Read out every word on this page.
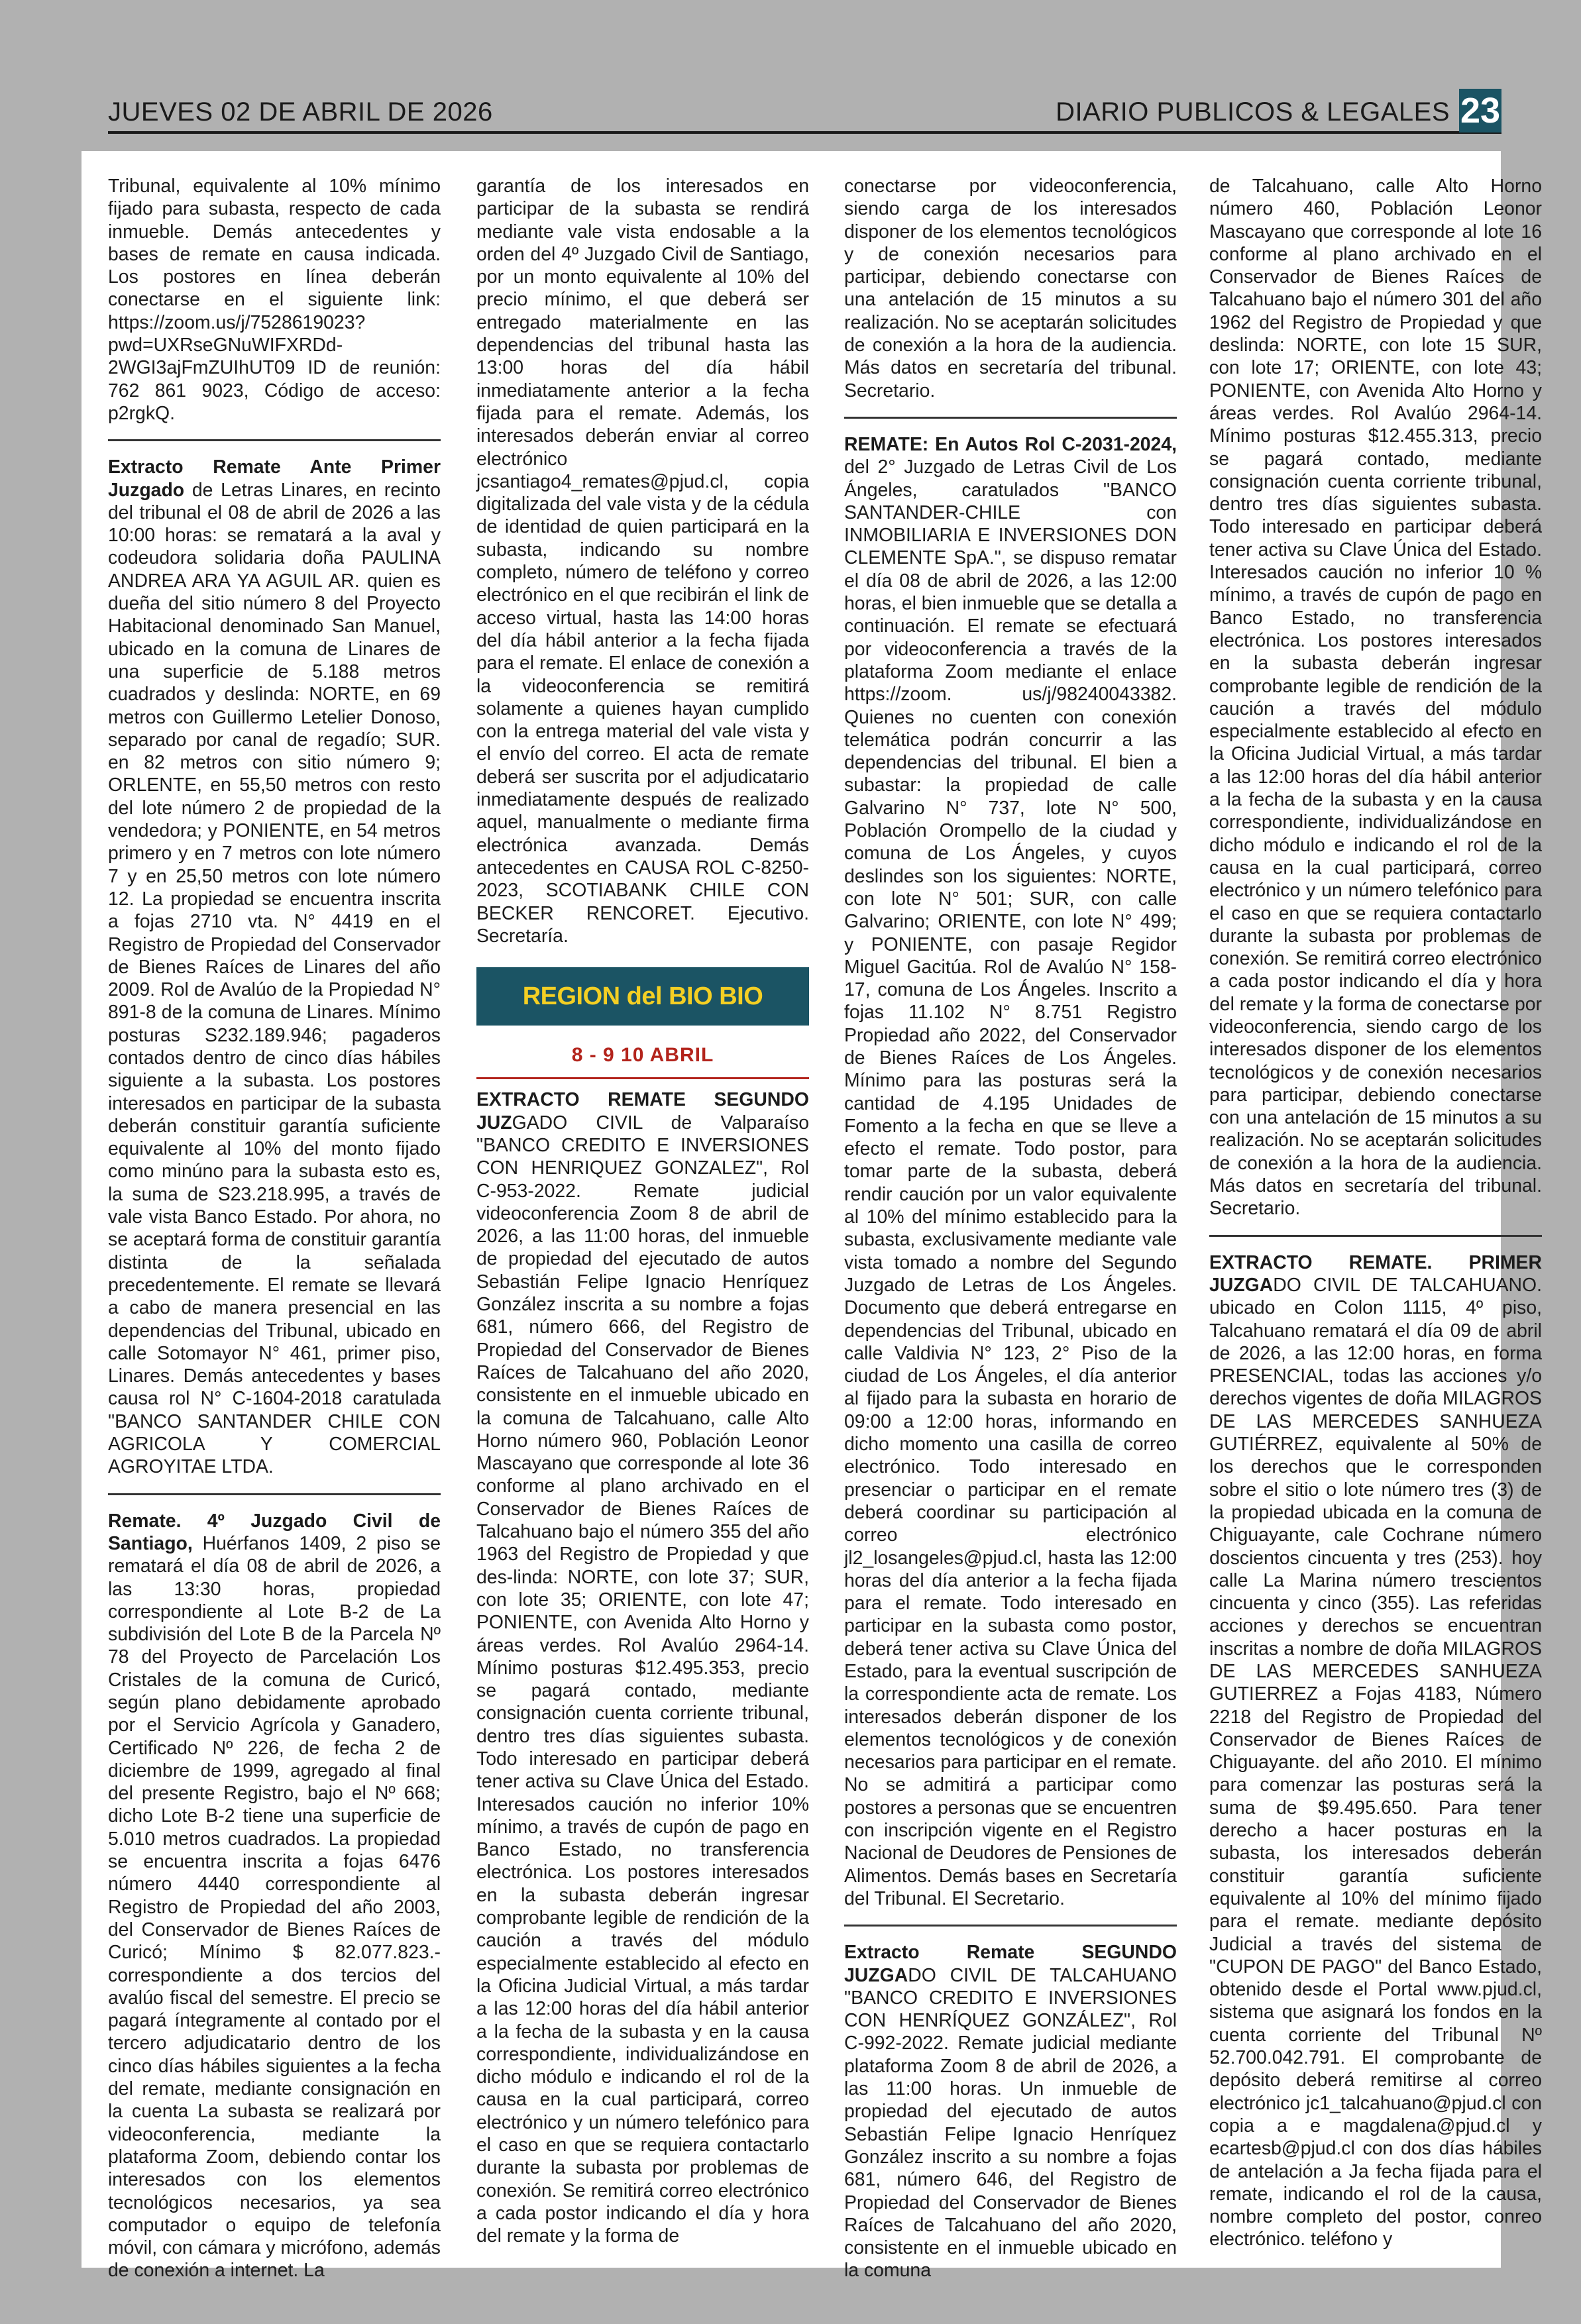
JUEVES 02 DE ABRIL DE 2026	DIARIO PUBLICOS & LEGALES 23

Tribunal, equivalente al 10% mínimo fijado para subasta, respecto de cada inmueble. Demás antecedentes y bases de remate en causa indicada. Los postores en línea deberán conectarse en el siguiente link: https://zoom.us/j/7528619023?pwd=UXRseGNuWIFXRDd-2WGI3ajFmZUIhUT09 ID de reunión: 762 861 9023, Código de acceso: p2rgkQ.

Extracto Remate Ante Primer Juzgado de Letras Linares, en recinto del tribunal el 08 de abril de 2026 a las 10:00 horas: se rematará a la aval y codeudora solidaria doña PAULINA ANDREA ARA YA AGUIL AR. quien es dueña del sitio número 8 del Proyecto Habitacional denominado San Manuel, ubicado en la comuna de Linares de una superficie de 5.188 metros cuadrados y deslinda: NORTE, en 69 metros con Guillermo Letelier Donoso, separado por canal de regadío; SUR. en 82 metros con sitio número 9; ORLENTE, en 55,50 metros con resto del lote número 2 de propiedad de la vendedora; y PONIENTE, en 54 metros primero y en 7 metros con lote número 7 y en 25,50 metros con lote número 12. La propiedad se encuentra inscrita a fojas 2710 vta. N° 4419 en el Registro de Propiedad del Conservador de Bienes Raíces de Linares del año 2009. Rol de Avalúo de la Propiedad N° 891-8 de la comuna de Linares. Mínimo posturas S232.189.946; pagaderos contados dentro de cinco días hábiles siguiente a la subasta. Los postores interesados en participar de la subasta deberán constituir garantía suficiente equivalente al 10% del monto fijado como minúno para la subasta esto es, la suma de S23.218.995, a través de vale vista Banco Estado. Por ahora, no se aceptará forma de constituir garantía distinta de la señalada precedentemente. El remate se llevará a cabo de manera presencial en las dependencias del Tribunal, ubicado en calle Sotomayor N° 461, primer piso, Linares. Demás antecedentes y bases causa rol N° C-1604-2018 caratulada "BANCO SANTANDER CHILE CON AGRICOLA Y COMERCIAL AGROYITAE LTDA.

Remate. 4º Juzgado Civil de Santiago, Huérfanos 1409, 2 piso se rematará el día 08 de abril de 2026, a las 13:30 horas, propiedad correspondiente al Lote B-2 de La subdivisión del Lote B de la Parcela Nº 78 del Proyecto de Parcelación Los Cristales de la comuna de Curicó, según plano debidamente aprobado por el Servicio Agrícola y Ganadero, Certificado Nº 226, de fecha 2 de diciembre de 1999, agregado al final del presente Registro, bajo el Nº 668; dicho Lote B-2 tiene una superficie de 5.010 metros cuadrados. La propiedad se encuentra inscrita a fojas 6476 número 4440 correspondiente al Registro de Propiedad del año 2003, del Conservador de Bienes Raíces de Curicó; Mínimo $ 82.077.823.- correspondiente a dos tercios del avalúo fiscal del semestre. El precio se pagará íntegramente al contado por el tercero adjudicatario dentro de los cinco días hábiles siguientes a la fecha del remate, mediante consignación en la cuenta La subasta se realizará por videoconferencia, mediante la plataforma Zoom, debiendo contar los interesados con los elementos tecnológicos necesarios, ya sea computador o equipo de telefonía móvil, con cámara y micrófono, además de conexión a internet. La

garantía de los interesados en participar de la subasta se rendirá mediante vale vista endosable a la orden del 4º Juzgado Civil de Santiago, por un monto equivalente al 10% del precio mínimo, el que deberá ser entregado materialmente en las dependencias del tribunal hasta las 13:00 horas del día hábil inmediatamente anterior a la fecha fijada para el remate. Además, los interesados deberán enviar al correo electrónico jcsantiago4_remates@pjud.cl, copia digitalizada del vale vista y de la cédula de identidad de quien participará en la subasta, indicando su nombre completo, número de teléfono y correo electrónico en el que recibirán el link de acceso virtual, hasta las 14:00 horas del día hábil anterior a la fecha fijada para el remate. El enlace de conexión a la videoconferencia se remitirá solamente a quienes hayan cumplido con la entrega material del vale vista y el envío del correo. El acta de remate deberá ser suscrita por el adjudicatario inmediatamente después de realizado aquel, manualmente o mediante firma electrónica avanzada. Demás antecedentes en CAUSA ROL C-8250-2023, SCOTIABANK CHILE CON BECKER RENCORET. Ejecutivo. Secretaría.

REGION del BIO BIO
8 - 9 10 ABRIL

EXTRACTO REMATE SEGUNDO JUZGADO CIVIL de Valparaíso "BANCO CREDITO E INVERSIONES CON HENRIQUEZ GONZALEZ", Rol C-953-2022. Remate judicial videoconferencia Zoom 8 de abril de 2026, a las 11:00 horas, del inmueble de propiedad del ejecutado de autos Sebastián Felipe Ignacio Henríquez González inscrita a su nombre a fojas 681, número 666, del Registro de Propiedad del Conservador de Bienes Raíces de Talcahuano del año 2020, consistente en el inmueble ubicado en la comuna de Talcahuano, calle Alto Horno número 960, Población Leonor Mascayano que corresponde al lote 36 conforme al plano archivado en el Conservador de Bienes Raíces de Talcahuano bajo el número 355 del año 1963 del Registro de Propiedad y que des-linda: NORTE, con lote 37; SUR, con lote 35; ORIENTE, con lote 47; PONIENTE, con Avenida Alto Horno y áreas verdes. Rol Avalúo 2964-14. Mínimo posturas $12.495.353, precio se pagará contado, mediante consignación cuenta corriente tribunal, dentro tres días siguientes subasta. Todo interesado en participar deberá tener activa su Clave Única del Estado. Interesados caución no inferior 10% mínimo, a través de cupón de pago en Banco Estado, no transferencia electrónica. Los postores interesados en la subasta deberán ingresar comprobante legible de rendición de la caución a través del módulo especialmente establecido al efecto en la Oficina Judicial Virtual, a más tardar a las 12:00 horas del día hábil anterior a la fecha de la subasta y en la causa correspondiente, individualizándose en dicho módulo e indicando el rol de la causa en la cual participará, correo electrónico y un número telefónico para el caso en que se requiera contactarlo durante la subasta por problemas de conexión. Se remitirá correo electrónico a cada postor indicando el día y hora del remate y la forma de

conectarse por videoconferencia, siendo carga de los interesados disponer de los elementos tecnológicos y de conexión necesarios para participar, debiendo conectarse con una antelación de 15 minutos a su realización. No se aceptarán solicitudes de conexión a la hora de la audiencia. Más datos en secretaría del tribunal. Secretario.

REMATE: En Autos Rol C-2031-2024, del 2° Juzgado de Letras Civil de Los Ángeles, caratulados "BANCO SANTANDER-CHILE con INMOBILIARIA E INVERSIONES DON CLEMENTE SpA.", se dispuso rematar el día 08 de abril de 2026, a las 12:00 horas, el bien inmueble que se detalla a continuación. El remate se efectuará por videoconferencia a través de la plataforma Zoom mediante el enlace https://zoom. us/j/98240043382. Quienes no cuenten con conexión telemática podrán concurrir a las dependencias del tribunal. El bien a subastar: la propiedad de calle Galvarino N° 737, lote N° 500, Población Orompello de la ciudad y comuna de Los Ángeles, y cuyos deslindes son los siguientes: NORTE, con lote N° 501; SUR, con calle Galvarino; ORIENTE, con lote N° 499; y PONIENTE, con pasaje Regidor Miguel Gacitúa. Rol de Avalúo N° 158-17, comuna de Los Ángeles. Inscrito a fojas 11.102 N° 8.751 Registro Propiedad año 2022, del Conservador de Bienes Raíces de Los Ángeles. Mínimo para las posturas será la cantidad de 4.195 Unidades de Fomento a la fecha en que se lleve a efecto el remate. Todo postor, para tomar parte de la subasta, deberá rendir caución por un valor equivalente al 10% del mínimo establecido para la subasta, exclusivamente mediante vale vista tomado a nombre del Segundo Juzgado de Letras de Los Ángeles. Documento que deberá entregarse en dependencias del Tribunal, ubicado en calle Valdivia N° 123, 2° Piso de la ciudad de Los Ángeles, el día anterior al fijado para la subasta en horario de 09:00 a 12:00 horas, informando en dicho momento una casilla de correo electrónico. Todo interesado en presenciar o participar en el remate deberá coordinar su participación al correo electrónico jl2_losangeles@pjud.cl, hasta las 12:00 horas del día anterior a la fecha fijada para el remate. Todo interesado en participar en la subasta como postor, deberá tener activa su Clave Única del Estado, para la eventual suscripción de la correspondiente acta de remate. Los interesados deberán disponer de los elementos tecnológicos y de conexión necesarios para participar en el remate. No se admitirá a participar como postores a personas que se encuentren con inscripción vigente en el Registro Nacional de Deudores de Pensiones de Alimentos. Demás bases en Secretaría del Tribunal. El Secretario.

Extracto Remate SEGUNDO JUZGADO CIVIL DE TALCAHUANO "BANCO CREDITO E INVERSIONES CON HENRÍQUEZ GONZÁLEZ", Rol C-992-2022. Remate judicial mediante plataforma Zoom 8 de abril de 2026, a las 11:00 horas. Un inmueble de propiedad del ejecutado de autos Sebastián Felipe Ignacio Henríquez González inscrito a su nombre a fojas 681, número 646, del Registro de Propiedad del Conservador de Bienes Raíces de Talcahuano del año 2020, consistente en el inmueble ubicado en la comuna

de Talcahuano, calle Alto Horno número 460, Población Leonor Mascayano que corresponde al lote 16 conforme al plano archivado en el Conservador de Bienes Raíces de Talcahuano bajo el número 301 del año 1962 del Registro de Propiedad y que deslinda: NORTE, con lote 15 SUR, con lote 17; ORIENTE, con lote 43; PONIENTE, con Avenida Alto Horno y áreas verdes. Rol Avalúo 2964-14. Mínimo posturas $12.455.313, precio se pagará contado, mediante consignación cuenta corriente tribunal, dentro tres días siguientes subasta. Todo interesado en participar deberá tener activa su Clave Única del Estado. Interesados caución no inferior 10 % mínimo, a través de cupón de pago en Banco Estado, no transferencia electrónica. Los postores interesados en la subasta deberán ingresar comprobante legible de rendición de la caución a través del módulo especialmente establecido al efecto en la Oficina Judicial Virtual, a más tardar a las 12:00 horas del día hábil anterior a la fecha de la subasta y en la causa correspondiente, individualizándose en dicho módulo e indicando el rol de la causa en la cual participará, correo electrónico y un número telefónico para el caso en que se requiera contactarlo durante la subasta por problemas de conexión. Se remitirá correo electrónico a cada postor indicando el día y hora del remate y la forma de conectarse por videoconferencia, siendo cargo de los interesados disponer de los elementos tecnológicos y de conexión necesarios para participar, debiendo conectarse con una antelación de 15 minutos a su realización. No se aceptarán solicitudes de conexión a la hora de la audiencia. Más datos en secretaría del tribunal. Secretario.

EXTRACTO REMATE. PRIMER JUZGADO CIVIL DE TALCAHUANO. ubicado en Colon 1115, 4º piso, Talcahuano rematará el día 09 de abril de 2026, a las 12:00 horas, en forma PRESENCIAL, todas las acciones y/o derechos vigentes de doña MILAGROS DE LAS MERCEDES SANHUEZA GUTIÉRREZ, equivalente al 50% de los derechos que le corresponden sobre el sitio o lote número tres (3) de la propiedad ubicada en la comuna de Chiguayante, cale Cochrane número doscientos cincuenta y tres (253). hoy calle La Marina número trescientos cincuenta y cinco (355). Las referidas acciones y derechos se encuentran inscritas a nombre de doña MILAGROS DE LAS MERCEDES SANHUEZA GUTIERREZ a Fojas 4183, Número 2218 del Registro de Propiedad del Conservador de Bienes Raíces de Chiguayante. del año 2010. El mínimo para comenzar las posturas será la suma de $9.495.650. Para tener derecho a hacer posturas en la subasta, los interesados deberán constituir garantía suficiente equivalente al 10% del mínimo fijado para el remate. mediante depósito Judicial a través del sistema de "CUPON DE PAGO" del Banco Estado, obtenido desde el Portal www.pjud.cl, sistema que asignará los fondos en la cuenta corriente del Tribunal Nº 52.700.042.791. El comprobante de depósito deberá remitirse al correo electrónico jc1_talcahuano@pjud.cl con copia a e magdalena@pjud.cl y ecartesb@pjud.cl con dos días hábiles de antelación a Ja fecha fijada para el remate, indicando el rol de la causa, nombre completo del postor, conreo electrónico. teléfono y
